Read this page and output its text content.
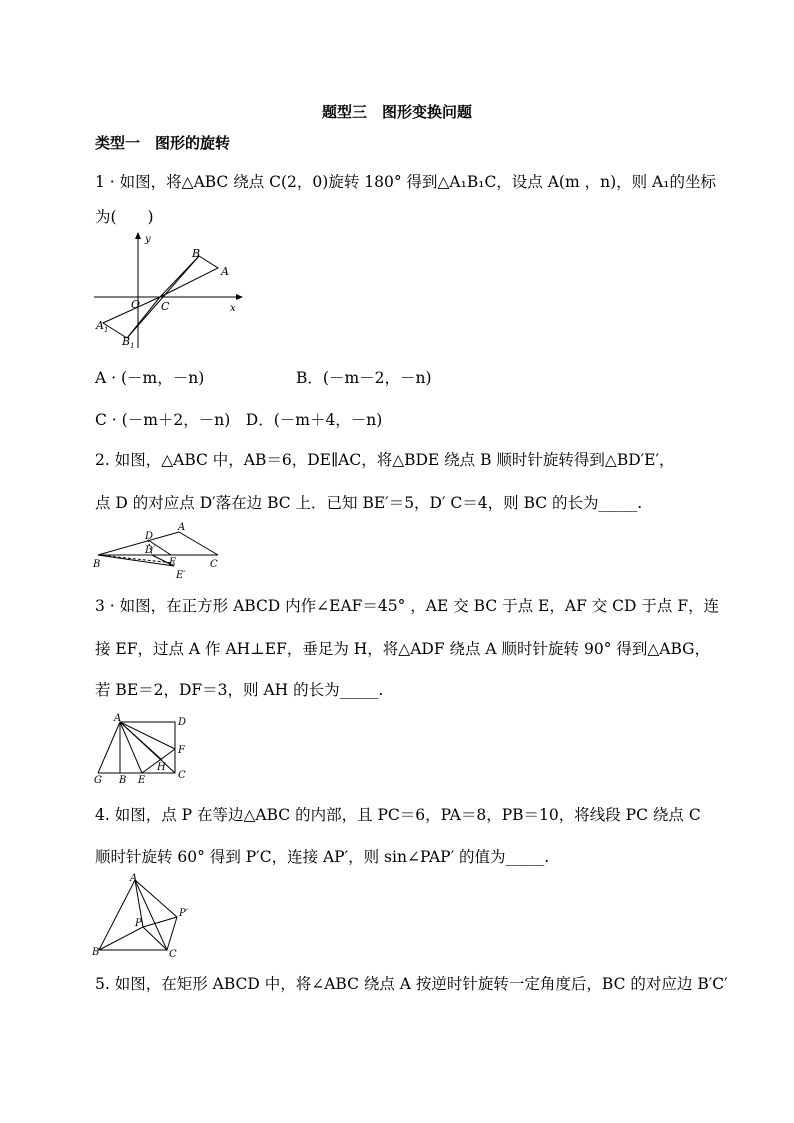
题型三　图形变换问题
类型一　图形的旋转
1 · 如图，将△ABC 绕点 C(2，0)旋转 180° 得到△A₁B₁C，设点 A(m ，n)，则 A₁的坐标
为(　　)
y
x
O C
B
A
$A_1$
$B_1$
A · (－m，－n)	B．(－m－2，－n)
C · (－m＋2，－n)　D．(－m＋4，－n)
2. 如图，△ABC 中，AB＝6，DE∥AC，将△BDE 绕点 B 顺时针旋转得到△BD′E′，
点 D 的对应点 D′落在边 BC 上．已知 BE′＝5，D′ C＝4，则 BC 的长为_____.
A
D
D′
E
E′
B	C
3 · 如图，在正方形 ABCD 内作∠EAF＝45° ，AE 交 BC 于点 E，AF 交 CD 于点 F，连
接 EF，过点 A 作 AH⊥EF，垂足为 H，将△ADF 绕点 A 顺时针旋转 90° 得到△ABG，
若 BE＝2，DF＝3，则 AH 的长为_____.
A	D
F
H
C
G B E
4. 如图，点 P 在等边△ABC 的内部，且 PC＝6，PA＝8，PB＝10，将线段 PC 绕点 C
顺时针旋转 60° 得到 P′C，连接 AP′，则 sin∠PAP′ 的值为_____.
A
P
P′
B	C
5. 如图，在矩形 ABCD 中，将∠ABC 绕点 A 按逆时针旋转一定角度后，BC 的对应边 B′C′
